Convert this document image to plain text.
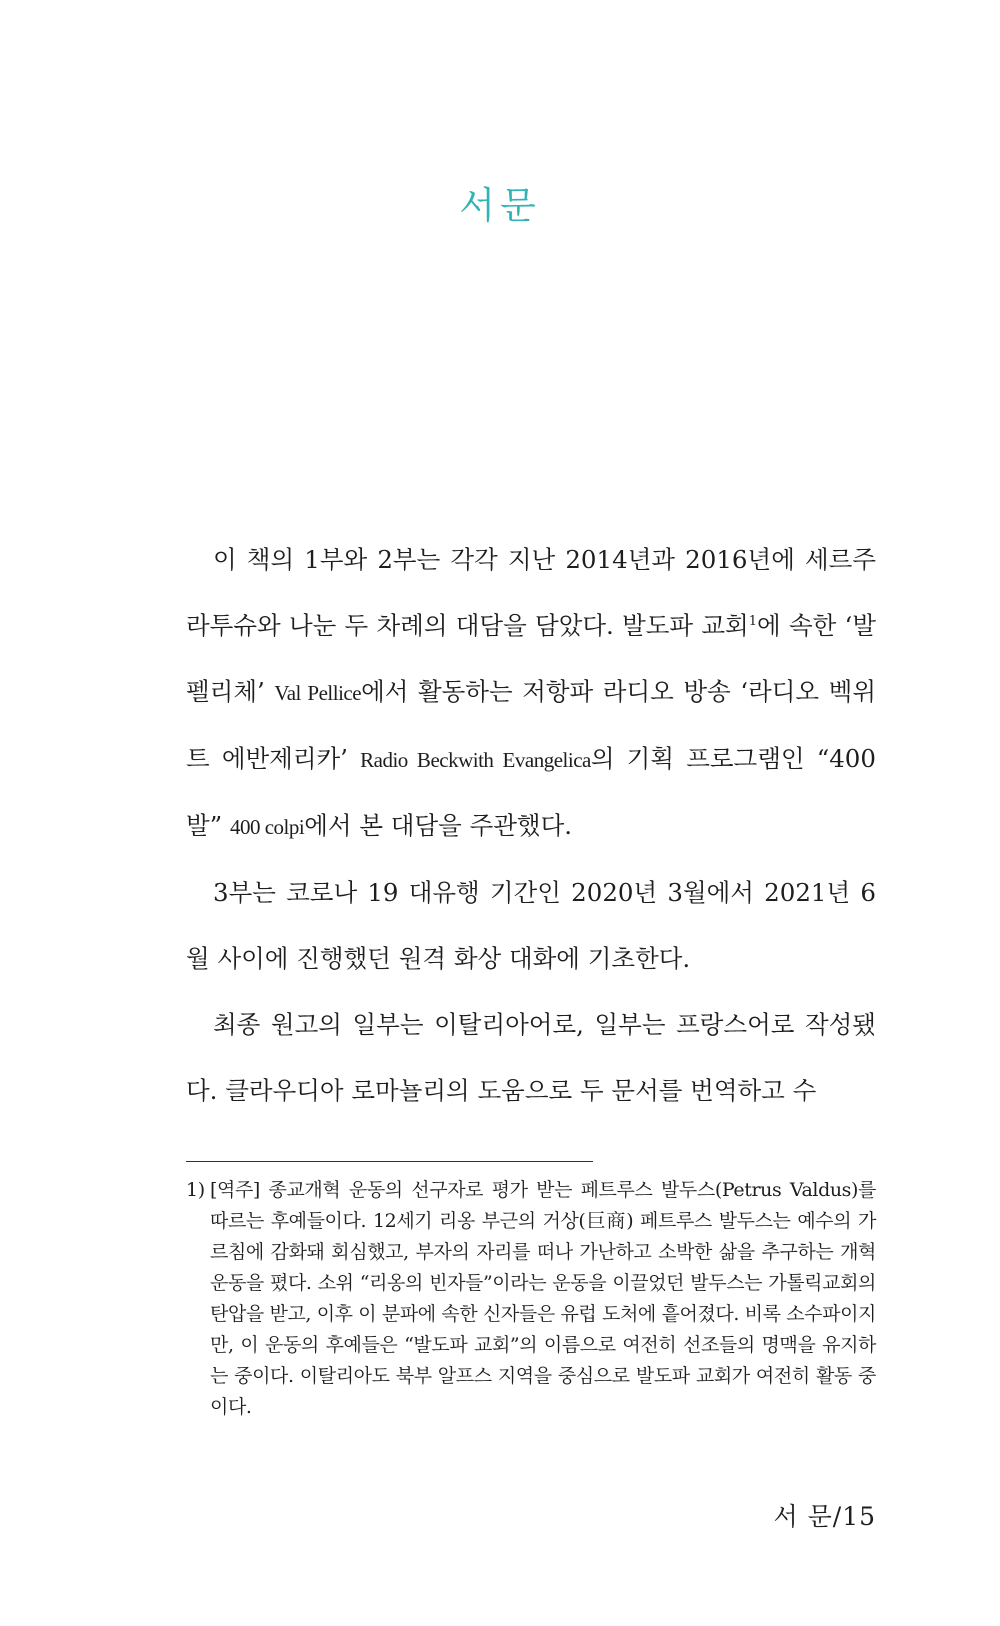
서문

이 책의 1부와 2부는 각각 지난 2014년과 2016년에 세르주 라투슈와 나눈 두 차례의 대담을 담았다. 발도파 교회$^1$에 속한 ‘발 펠리체’ Val Pellice에서 활동하는 저항파 라디오 방송 ‘라디오 벡위트 에반제리카’ Radio Beckwith Evangelica의 기획 프로그램인 “400발” 400 colpi에서 본 대담을 주관했다.

3부는 코로나 19 대유행 기간인 2020년 3월에서 2021년 6월 사이에 진행했던 원격 화상 대화에 기초한다.

최종 원고의 일부는 이탈리아어로, 일부는 프랑스어로 작성됐다. 클라우디아 로마뇰리의 도움으로 두 문서를 번역하고 수

1) [역주] 종교개혁 운동의 선구자로 평가 받는 페트루스 발두스(Petrus Valdus)를 따르는 후예들이다. 12세기 리옹 부근의 거상(巨商) 페트루스 발두스는 예수의 가르침에 감화돼 회심했고, 부자의 자리를 떠나 가난하고 소박한 삶을 추구하는 개혁 운동을 폈다. 소위 “리옹의 빈자들”이라는 운동을 이끌었던 발두스는 가톨릭교회의 탄압을 받고, 이후 이 분파에 속한 신자들은 유럽 도처에 흩어졌다. 비록 소수파이지만, 이 운동의 후예들은 “발도파 교회”의 이름으로 여전히 선조들의 명맥을 유지하는 중이다. 이탈리아도 북부 알프스 지역을 중심으로 발도파 교회가 여전히 활동 중이다.
서 문/15
